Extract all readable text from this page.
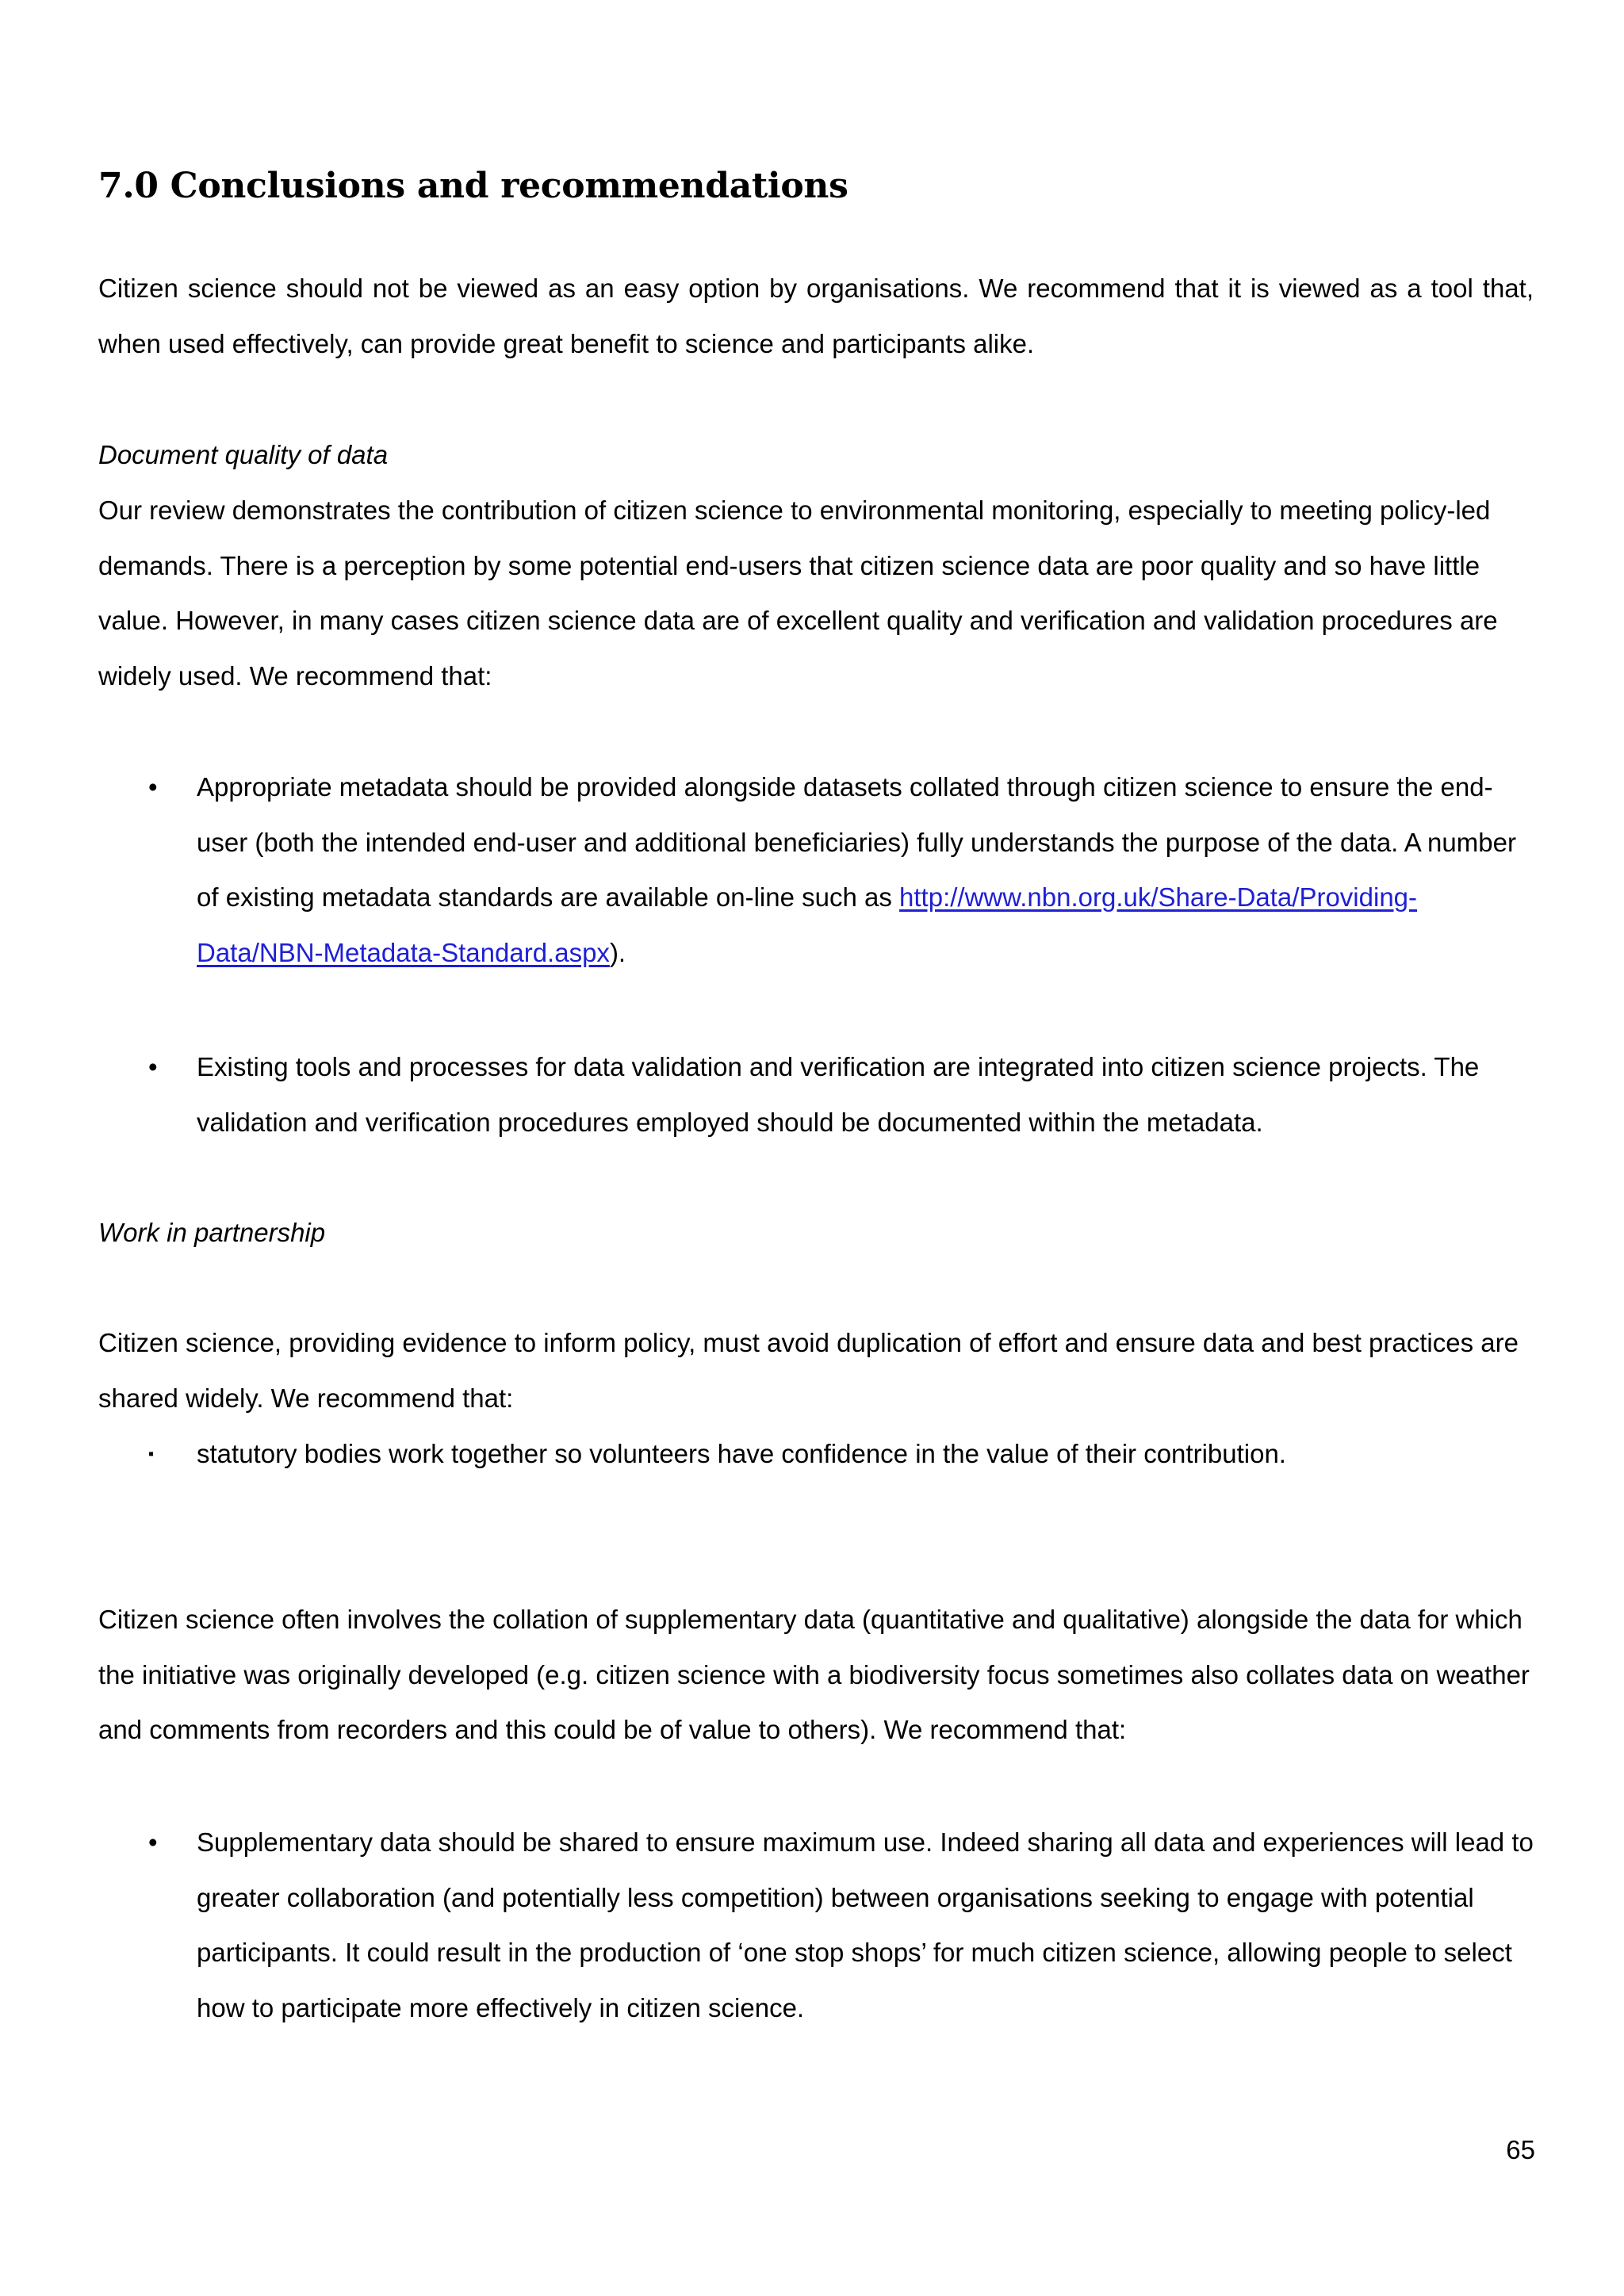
7.0 Conclusions and recommendations

Citizen science should not be viewed as an easy option by organisations. We recommend that it is viewed as a tool that, when used effectively, can provide great benefit to science and participants alike.

Document quality of data

Our review demonstrates the contribution of citizen science to environmental monitoring, especially to meeting policy-led demands. There is a perception by some potential end-users that citizen science data are poor quality and so have little value. However, in many cases citizen science data are of excellent quality and verification and validation procedures are widely used. We recommend that:

• Appropriate metadata should be provided alongside datasets collated through citizen science to ensure the end-user (both the intended end-user and additional beneficiaries) fully understands the purpose of the data. A number of existing metadata standards are available on-line such as http://www.nbn.org.uk/Share-Data/Providing-Data/NBN-Metadata-Standard.aspx).

• Existing tools and processes for data validation and verification are integrated into citizen science projects. The validation and verification procedures employed should be documented within the metadata.

Work in partnership

Citizen science, providing evidence to inform policy, must avoid duplication of effort and ensure data and best practices are shared widely. We recommend that:

▪ statutory bodies work together so volunteers have confidence in the value of their contribution.

Citizen science often involves the collation of supplementary data (quantitative and qualitative) alongside the data for which the initiative was originally developed (e.g. citizen science with a biodiversity focus sometimes also collates data on weather and comments from recorders and this could be of value to others). We recommend that:

• Supplementary data should be shared to ensure maximum use. Indeed sharing all data and experiences will lead to greater collaboration (and potentially less competition) between organisations seeking to engage with potential participants. It could result in the production of ‘one stop shops’ for much citizen science, allowing people to select how to participate more effectively in citizen science.

65
